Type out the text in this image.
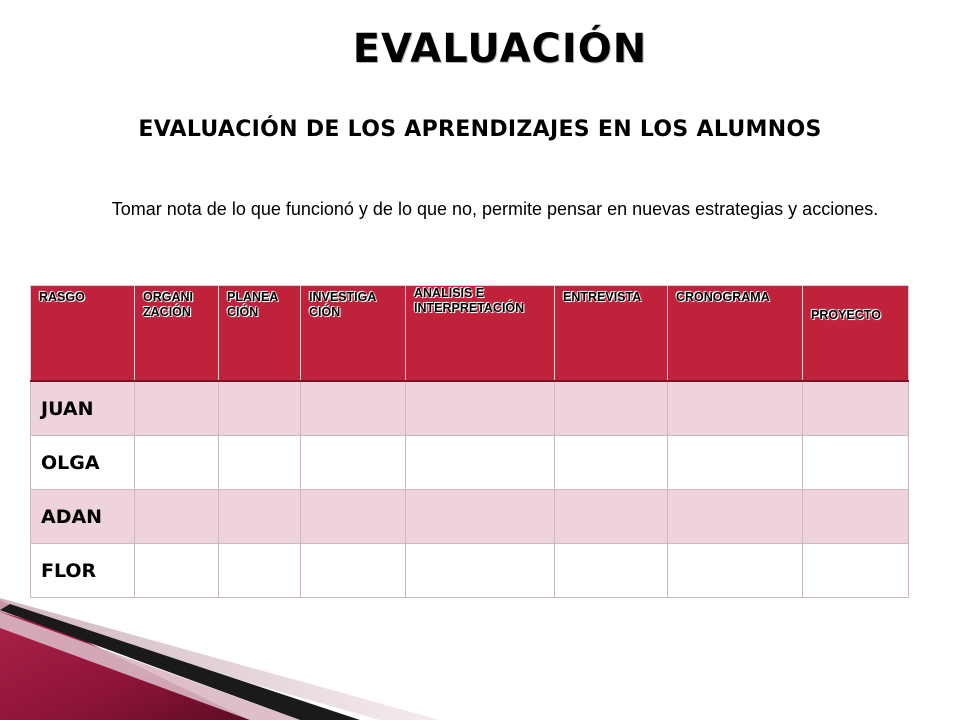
EVALUACIÓN
EVALUACIÓN DE LOS APRENDIZAJES EN LOS ALUMNOS
Tomar nota de lo que funcionó y de lo que no, permite pensar en nuevas estrategias y acciones.
RASGO	ORGANI ZACIÓN	PLANEA CIÓN	INVESTIGA CIÓN	ANALISIS E INTERPRETACIÓN	ENTREVISTA	CRONOGRAMA	PROYECTO
JUAN							
OLGA							
ADAN							
FLOR							
